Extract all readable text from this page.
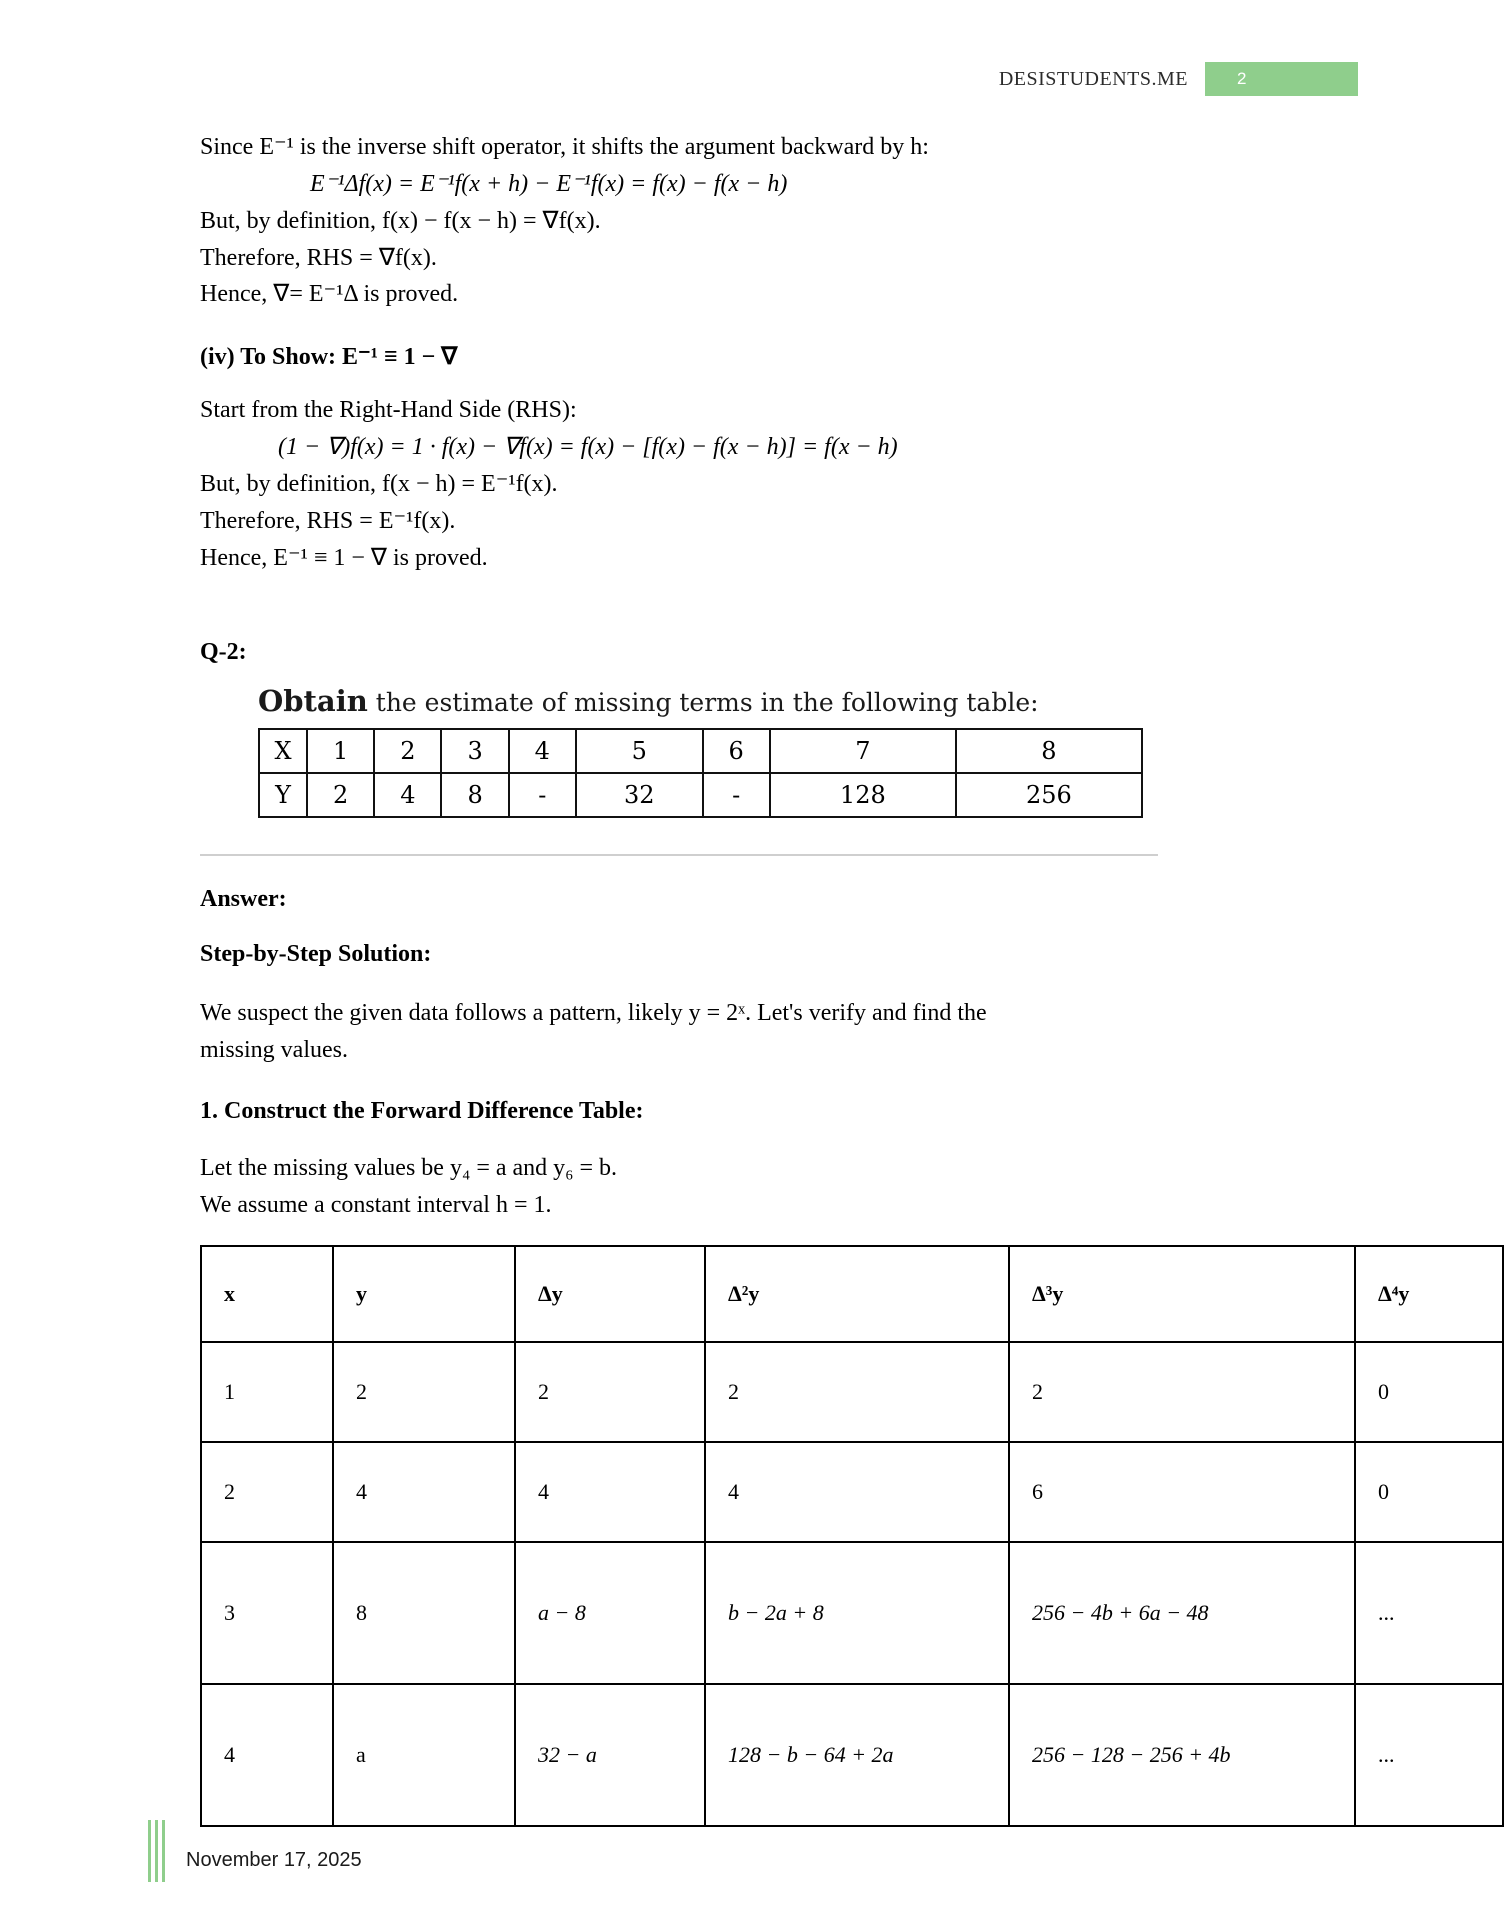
DESISTUDENTS.ME	2

Since E⁻¹ is the inverse shift operator, it shifts the argument backward by h:

E⁻¹Δf(x) = E⁻¹f(x + h) − E⁻¹f(x) = f(x) − f(x − h)

But, by definition, f(x) − f(x − h) = ∇f(x).

Therefore, RHS = ∇f(x).

Hence, ∇= E⁻¹Δ is proved.

(iv) To Show: E⁻¹ ≡ 1 − ∇

Start from the Right-Hand Side (RHS):

(1 − ∇)f(x) = 1 · f(x) − ∇f(x) = f(x) − [f(x) − f(x − h)] = f(x − h)

But, by definition, f(x − h) = E⁻¹f(x).

Therefore, RHS = E⁻¹f(x).

Hence, E⁻¹ ≡ 1 − ∇ is proved.

Q-2:
Obtain the estimate of missing terms in the following table:
X	1	2	3	4	5	6	7	8
Y	2	4	8	-	32	-	128	256
Answer:
Step-by-Step Solution:

We suspect the given data follows a pattern, likely y = 2ˣ. Let's verify and find the

missing values.

1. Construct the Forward Difference Table:

Let the missing values be y₄ = a and y₆ = b.

We assume a constant interval h = 1.

x	y	Δy	Δ²y	Δ³y	Δ⁴y
1	2	2	2	2	0
2	4	4	4	6	0
3	8	a − 8	b − 2a + 8	256 − 4b + 6a − 48	...
4	a	32 − a	128 − b − 64 + 2a	256 − 128 − 256 + 4b	...
November 17, 2025
